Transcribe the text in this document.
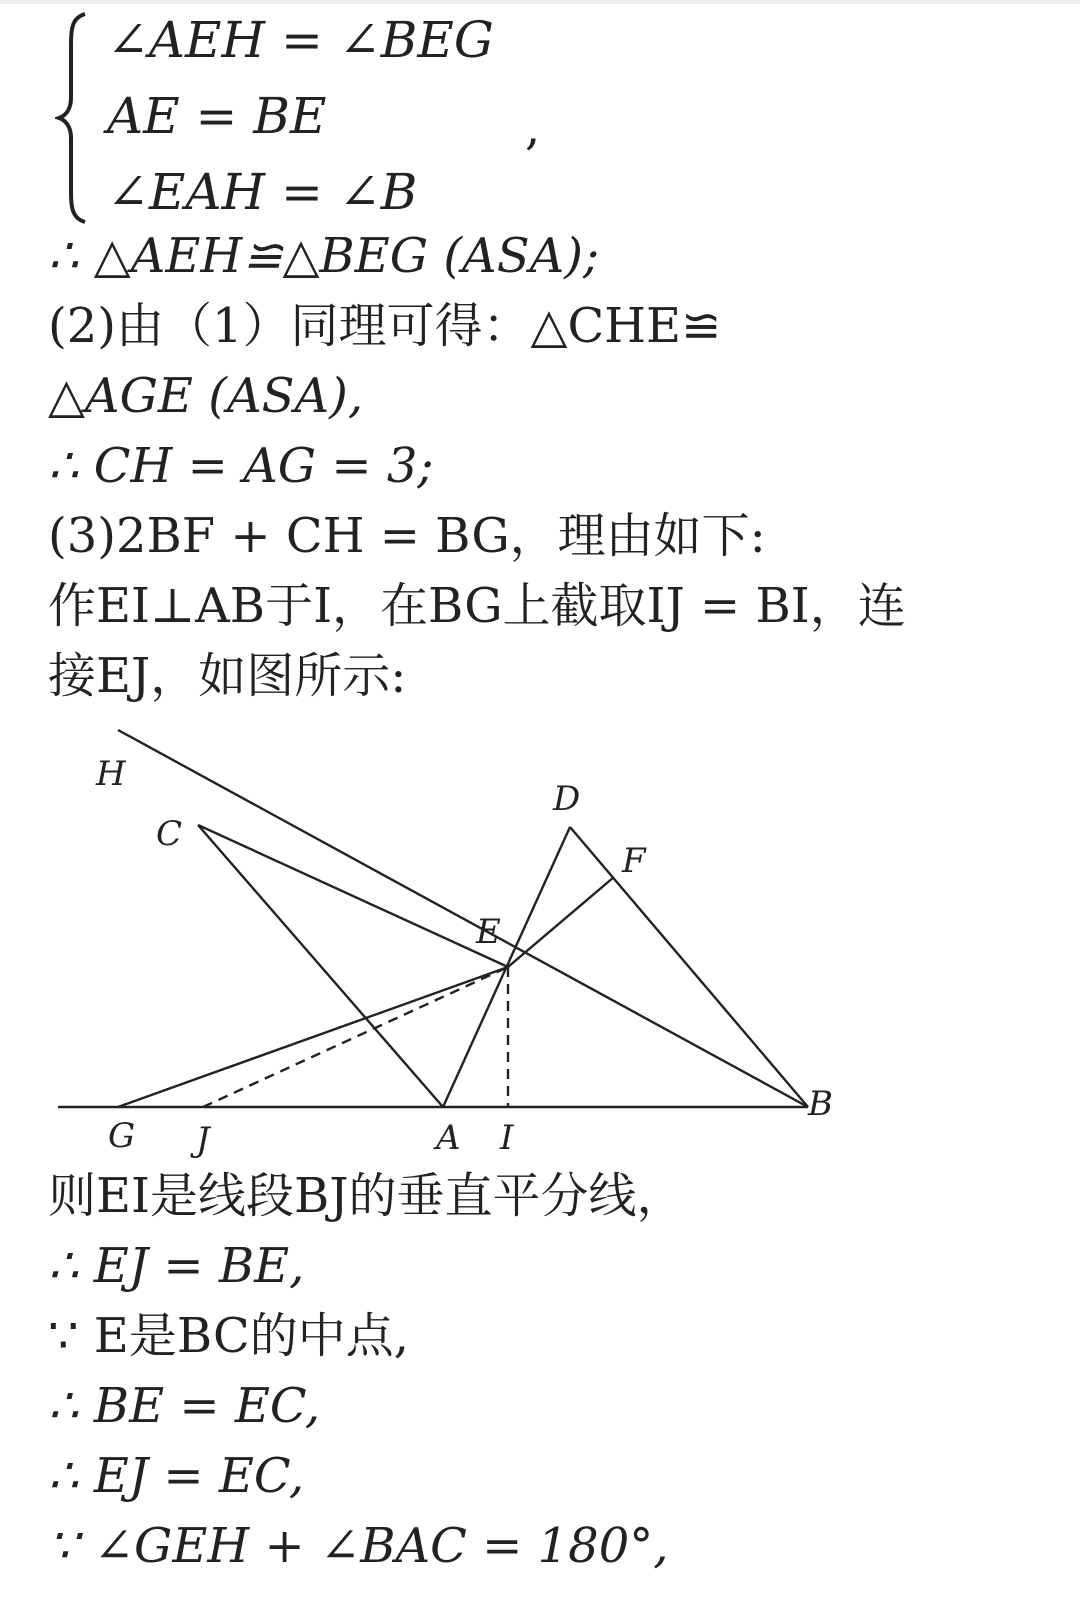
∠AEH = ∠BEG
AE = BE
∠EAH = ∠B
,
∴ △AEH≌△BEG (ASA);
(2)由（1）同理可得：△CHE≌
△AGE (ASA),
∴ CH = AG = 3;
(3)2BF + CH = BG，理由如下:
作EI⊥AB于I，在BG上截取IJ = BI，连
接EJ，如图所示:
H
C
D
F
E
G J	A I
B
则EI是线段BJ的垂直平分线，
∴ EJ = BE,
∵ E是BC的中点,
∴ BE = EC,
∴ EJ = EC,
∵ ∠GEH + ∠BAC = 180°,
